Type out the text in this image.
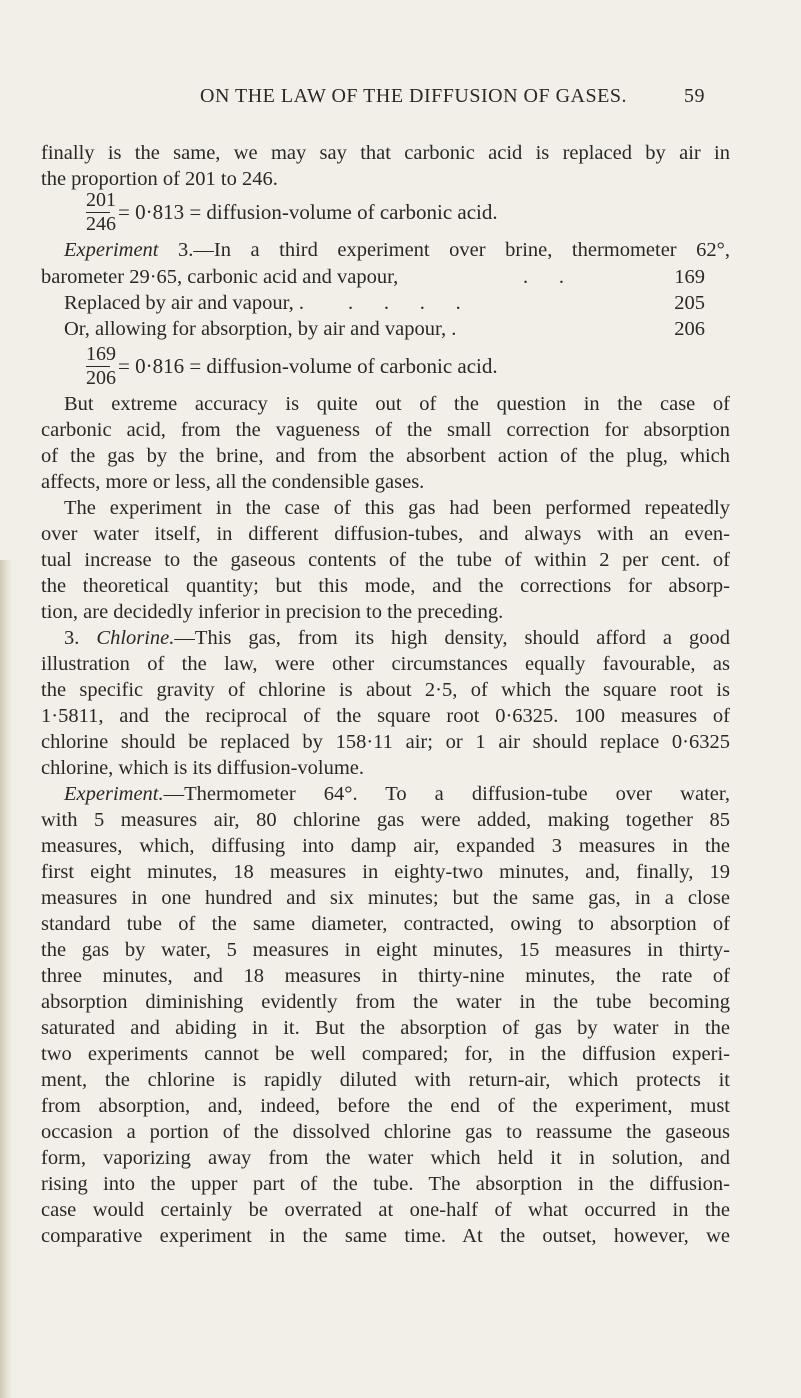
ON THE LAW OF THE DIFFUSION OF GASES.	59
finally is the same, we may say that carbonic acid is replaced by air in
the proportion of 201 to 246.
201
246 = 0·813 = diffusion-volume of carbonic acid.
Experiment 3.—In a third experiment over brine, thermometer 62°,
barometer 29·65, carbonic acid and vapour,	.      .	169
Replaced by air and vapour, . .      .      .      .	205
Or, allowing for absorption, by air and vapour, .	206
169
206 = 0·816 = diffusion-volume of carbonic acid.
But extreme accuracy is quite out of the question in the case of
carbonic acid, from the vagueness of the small correction for absorption
of the gas by the brine, and from the absorbent action of the plug, which
affects, more or less, all the condensible gases.
The experiment in the case of this gas had been performed repeatedly
over water itself, in different diffusion-tubes, and always with an even-
tual increase to the gaseous contents of the tube of within 2 per cent. of
the theoretical quantity; but this mode, and the corrections for absorp-
tion, are decidedly inferior in precision to the preceding.
3. Chlorine.—This gas, from its high density, should afford a good
illustration of the law, were other circumstances equally favourable, as
the specific gravity of chlorine is about 2·5, of which the square root is
1·5811, and the reciprocal of the square root 0·6325. 100 measures of
chlorine should be replaced by 158·11 air; or 1 air should replace 0·6325
chlorine, which is its diffusion-volume.
Experiment.—Thermometer 64°. To a diffusion-tube over water,
with 5 measures air, 80 chlorine gas were added, making together 85
measures, which, diffusing into damp air, expanded 3 measures in the
first eight minutes, 18 measures in eighty-two minutes, and, finally, 19
measures in one hundred and six minutes; but the same gas, in a close
standard tube of the same diameter, contracted, owing to absorption of
the gas by water, 5 measures in eight minutes, 15 measures in thirty-
three minutes, and 18 measures in thirty-nine minutes, the rate of
absorption diminishing evidently from the water in the tube becoming
saturated and abiding in it. But the absorption of gas by water in the
two experiments cannot be well compared; for, in the diffusion experi-
ment, the chlorine is rapidly diluted with return-air, which protects it
from absorption, and, indeed, before the end of the experiment, must
occasion a portion of the dissolved chlorine gas to reassume the gaseous
form, vaporizing away from the water which held it in solution, and
rising into the upper part of the tube. The absorption in the diffusion-
case would certainly be overrated at one-half of what occurred in the
comparative experiment in the same time. At the outset, however, we
